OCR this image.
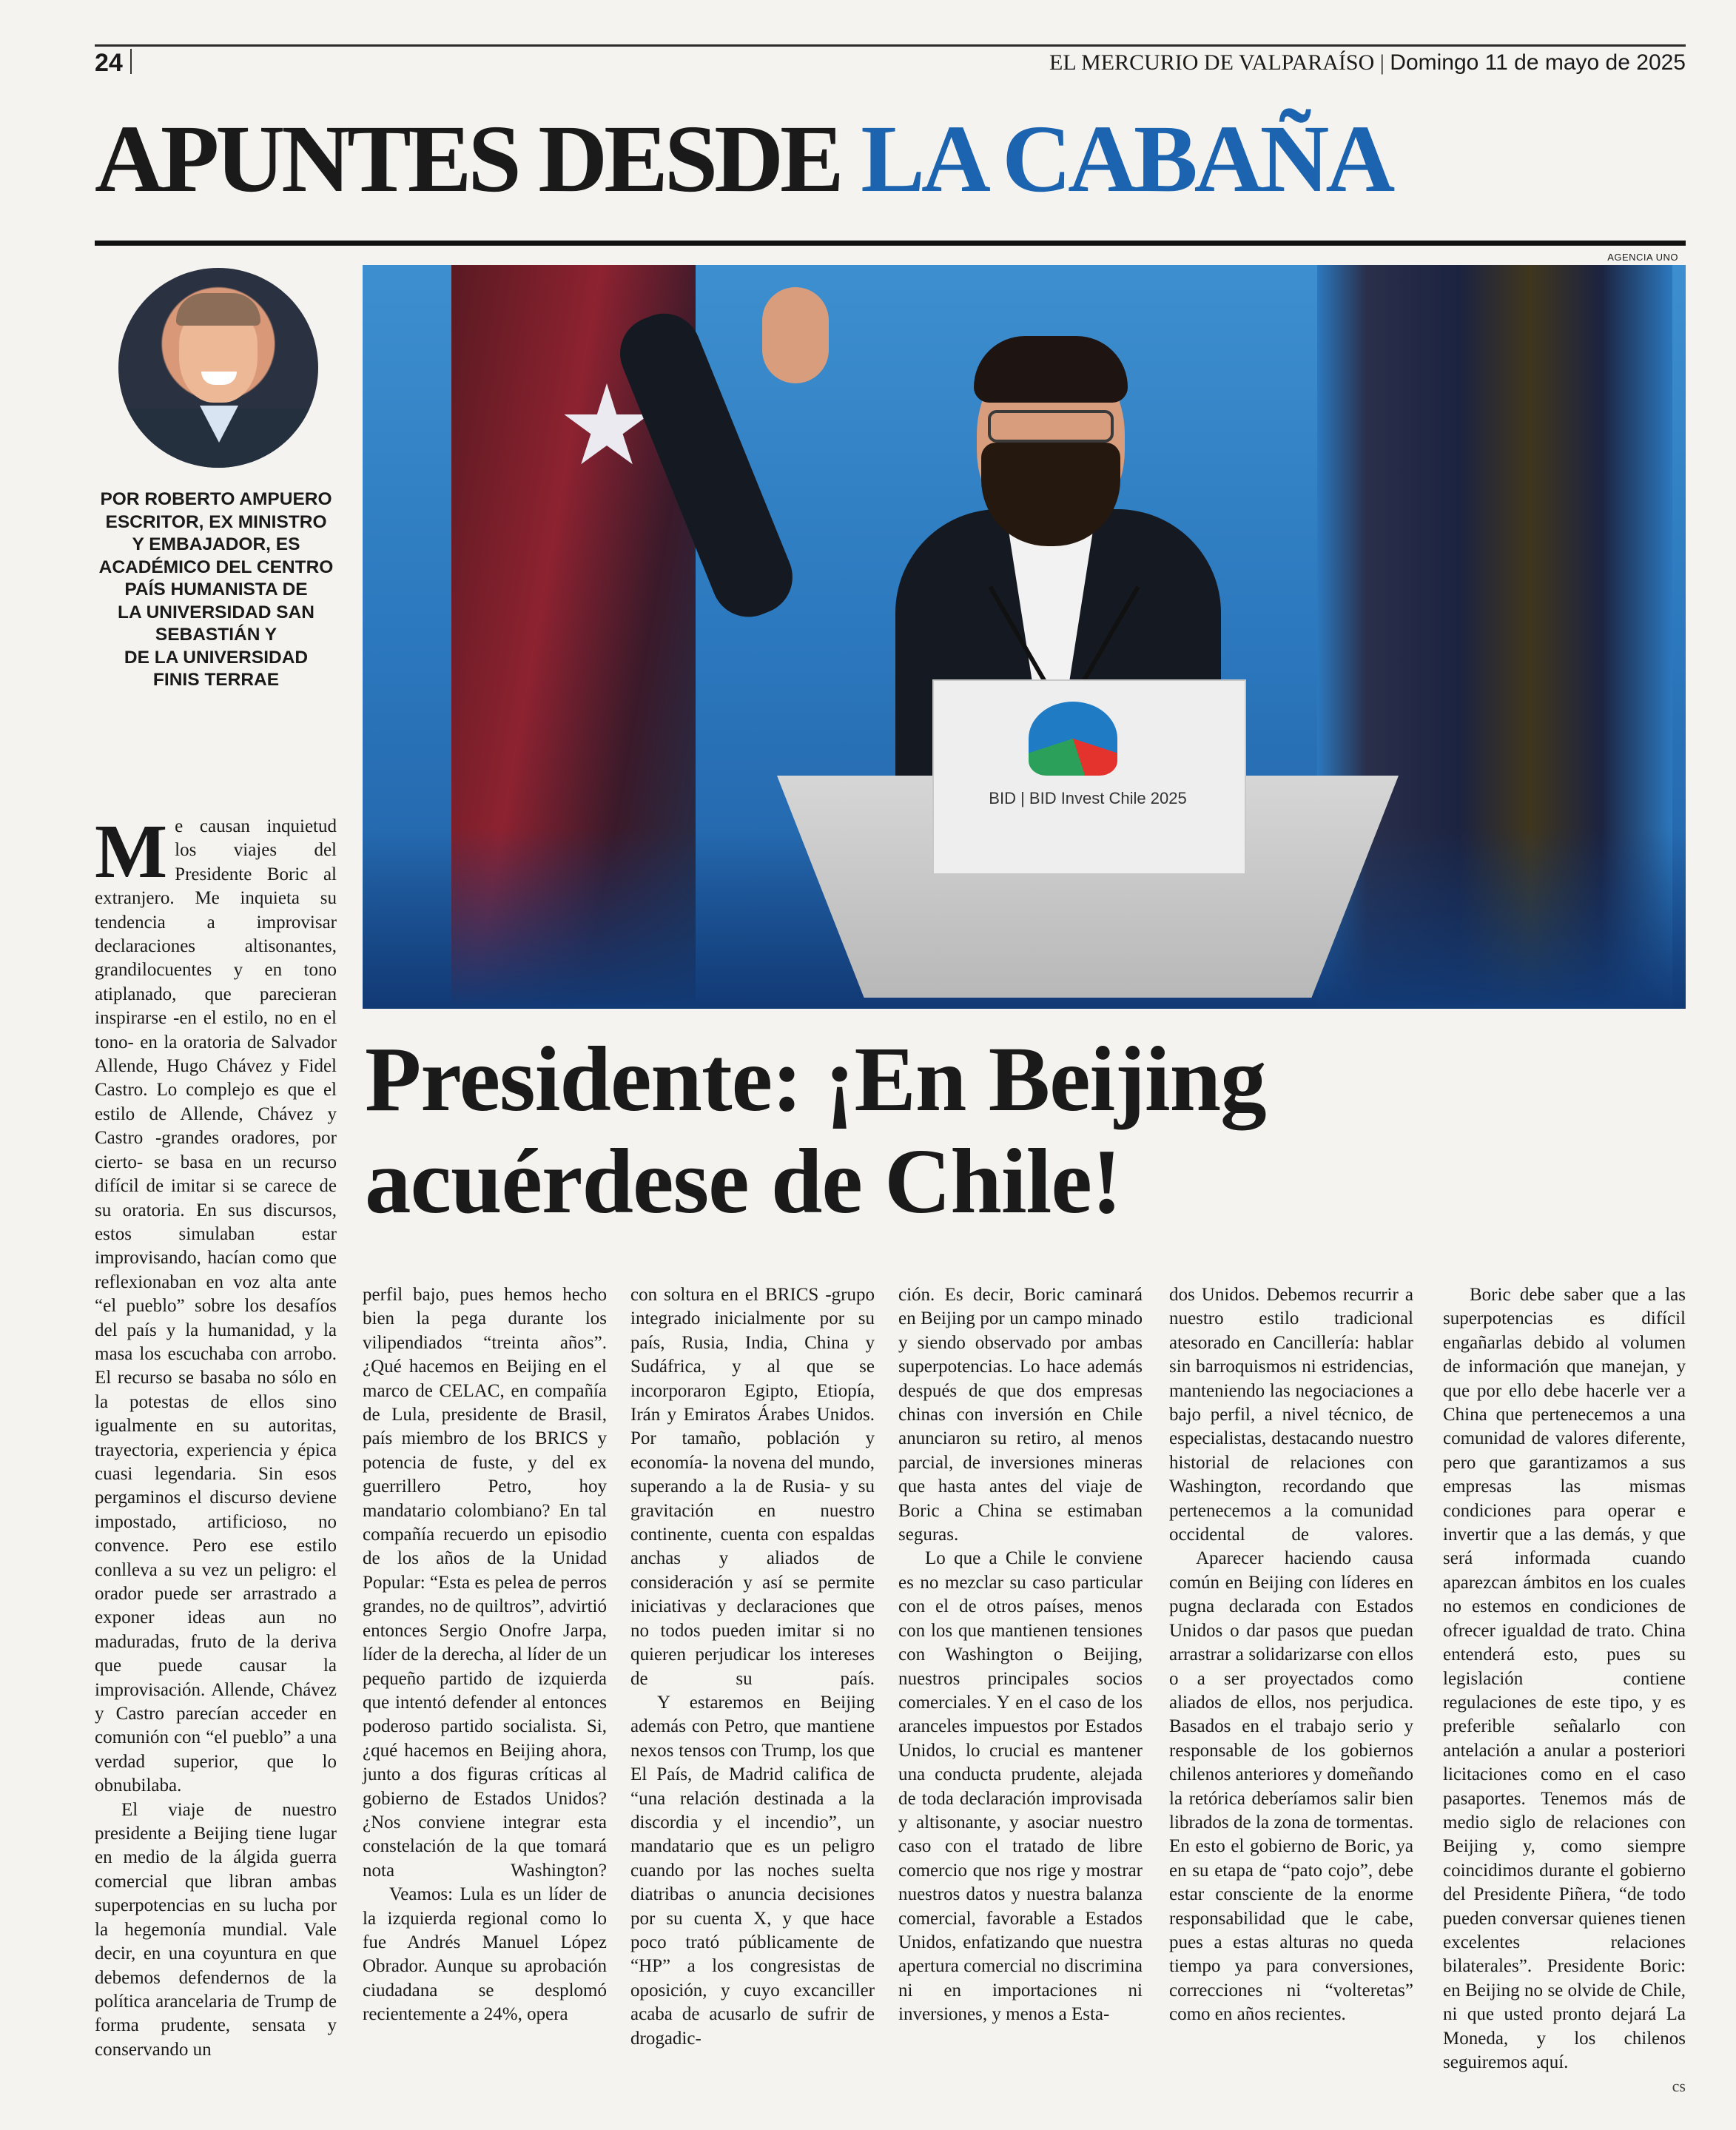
24	EL MERCURIO DE VALPARAÍSO | Domingo 11 de mayo de 2025
APUNTES DESDE LA CABAÑA
POR ROBERTO AMPUERO
ESCRITOR, EX MINISTRO
Y EMBAJADOR, ES
ACADÉMICO DEL CENTRO
PAÍS HUMANISTA DE
LA UNIVERSIDAD SAN
SEBASTIÁN Y
DE LA UNIVERSIDAD
FINIS TERRAE
AGENCIA UNO
BID | BID Invest Chile 2025
Presidente: ¡En Beijing
acuérdese de Chile!

Me causan inquietud los viajes del Presidente Boric al extranjero. Me inquieta su tendencia a improvisar declaraciones altisonantes, grandilocuentes y en tono atiplanado, que parecieran inspirarse -en el estilo, no en el tono- en la oratoria de Salvador Allende, Hugo Chávez y Fidel Castro. Lo complejo es que el estilo de Allende, Chávez y Castro -grandes oradores, por cierto- se basa en un recurso difícil de imitar si se carece de su oratoria. En sus discursos, estos simulaban estar improvisando, hacían como que reflexionaban en voz alta ante “el pueblo” sobre los desafíos del país y la humanidad, y la masa los escuchaba con arrobo. El recurso se basaba no sólo en la potestas de ellos sino igualmente en su autoritas, trayectoria, experiencia y épica cuasi legendaria. Sin esos pergaminos el discurso deviene impostado, artificioso, no convence. Pero ese estilo conlleva a su vez un peligro: el orador puede ser arrastrado a exponer ideas aun no maduradas, fruto de la deriva que puede causar la improvisación. Allende, Chávez y Castro parecían acceder en comunión con “el pueblo” a una verdad superior, que lo obnubilaba.

El viaje de nuestro presidente a Beijing tiene lugar en medio de la álgida guerra comercial que libran ambas superpotencias en su lucha por la hegemonía mundial. Vale decir, en una coyuntura en que debemos defendernos de la política arancelaria de Trump de forma prudente, sensata y conservando un

perfil bajo, pues hemos hecho bien la pega durante los vilipendiados “treinta años”. ¿Qué hacemos en Beijing en el marco de CELAC, en compañía de Lula, presidente de Brasil, país miembro de los BRICS y potencia de fuste, y del ex guerrillero Petro, hoy mandatario colombiano? En tal compañía recuerdo un episodio de los años de la Unidad Popular: “Esta es pelea de perros grandes, no de quiltros”, advirtió entonces Sergio Onofre Jarpa, líder de la derecha, al líder de un pequeño partido de izquierda que intentó defender al entonces poderoso partido socialista. Si, ¿qué hacemos en Beijing ahora, junto a dos figuras críticas al gobierno de Estados Unidos? ¿Nos conviene integrar esta constelación de la que tomará nota Washington?

Veamos: Lula es un líder de la izquierda regional como lo fue Andrés Manuel López Obrador. Aunque su aprobación ciudadana se desplomó recientemente a 24%, opera

con soltura en el BRICS -grupo integrado inicialmente por su país, Rusia, India, China y Sudáfrica, y al que se incorporaron Egipto, Etiopía, Irán y Emiratos Árabes Unidos. Por tamaño, población y economía- la novena del mundo, superando a la de Rusia- y su gravitación en nuestro continente, cuenta con espaldas anchas y aliados de consideración y así se permite iniciativas y declaraciones que no todos pueden imitar si no quieren perjudicar los intereses de su país.

Y estaremos en Beijing además con Petro, que mantiene nexos tensos con Trump, los que El País, de Madrid califica de “una relación destinada a la discordia y el incendio”, un mandatario que es un peligro cuando por las noches suelta diatribas o anuncia decisiones por su cuenta X, y que hace poco trató públicamente de “HP” a los congresistas de oposición, y cuyo excanciller acaba de acusarlo de sufrir de drogadic-

ción. Es decir, Boric caminará en Beijing por un campo minado y siendo observado por ambas superpotencias. Lo hace además después de que dos empresas chinas con inversión en Chile anunciaron su retiro, al menos parcial, de inversiones mineras que hasta antes del viaje de Boric a China se estimaban seguras.

Lo que a Chile le conviene es no mezclar su caso particular con el de otros países, menos con los que mantienen tensiones con Washington o Beijing, nuestros principales socios comerciales. Y en el caso de los aranceles impuestos por Estados Unidos, lo crucial es mantener una conducta prudente, alejada de toda declaración improvisada y altisonante, y asociar nuestro caso con el tratado de libre comercio que nos rige y mostrar nuestros datos y nuestra balanza comercial, favorable a Estados Unidos, enfatizando que nuestra apertura comercial no discrimina ni en importaciones ni inversiones, y menos a Esta-

dos Unidos. Debemos recurrir a nuestro estilo tradicional atesorado en Cancillería: hablar sin barroquismos ni estridencias, manteniendo las negociaciones a bajo perfil, a nivel técnico, de especialistas, destacando nuestro historial de relaciones con Washington, recordando que pertenecemos a la comunidad occidental de valores.

Aparecer haciendo causa común en Beijing con líderes en pugna declarada con Estados Unidos o dar pasos que puedan arrastrar a solidarizarse con ellos o a ser proyectados como aliados de ellos, nos perjudica. Basados en el trabajo serio y responsable de los gobiernos chilenos anteriores y domeñando la retórica deberíamos salir bien librados de la zona de tormentas. En esto el gobierno de Boric, ya en su etapa de “pato cojo”, debe estar consciente de la enorme responsabilidad que le cabe, pues a estas alturas no queda tiempo ya para conversiones, correcciones ni “volteretas” como en años recientes.

Boric debe saber que a las superpotencias es difícil engañarlas debido al volumen de información que manejan, y que por ello debe hacerle ver a China que pertenecemos a una comunidad de valores diferente, pero que garantizamos a sus empresas las mismas condiciones para operar e invertir que a las demás, y que será informada cuando aparezcan ámbitos en los cuales no estemos en condiciones de ofrecer igualdad de trato. China entenderá esto, pues su legislación contiene regulaciones de este tipo, y es preferible señalarlo con antelación a anular a posteriori licitaciones como en el caso pasaportes. Tenemos más de medio siglo de relaciones con Beijing y, como siempre coincidimos durante el gobierno del Presidente Piñera, “de todo pueden conversar quienes tienen excelentes relaciones bilaterales”. Presidente Boric: en Beijing no se olvide de Chile, ni que usted pronto dejará La Moneda, y los chilenos seguiremos aquí.

cs
